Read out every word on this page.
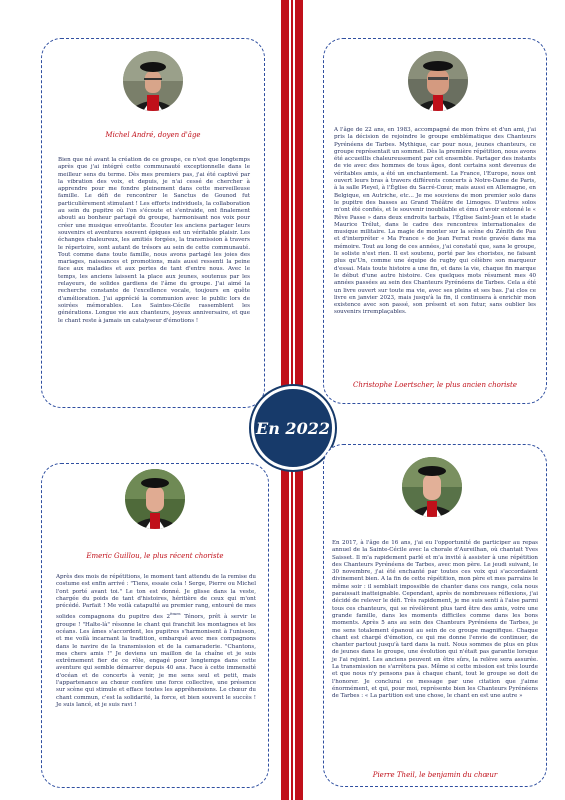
Michel André, doyen d'âge
Bien que né avant la création de ce groupe, ce n'est que longtemps après que j'ai intégré cette communauté exceptionnelle dans le meilleur sens du terme. Dès mes premiers pas, j'ai été captivé par la vibration des voix, et depuis, je n'ai cessé de chercher à apprendre pour me fondre pleinement dans cette merveilleuse famille. Le défi de rencontrer le Sanctus de Gounod fut particulièrement stimulant ! Les efforts individuels, la collaboration au sein du pupitre où l'on s'écoute et s'entraide, ont finalement abouti au bonheur partagé du groupe, harmonisant nos voix pour créer une musique envoûtante. Écouter les anciens partager leurs souvenirs et aventures souvent épiques est un véritable plaisir. Les échanges chaleureux, les amitiés forgées, la transmission à travers le répertoire, sont autant de trésors au sein de cette communauté. Tout comme dans toute famille, nous avons partagé les joies des mariages, naissances et promotions, mais aussi ressenti la peine face aux maladies et aux pertes de tant d'entre nous. Avec le temps, les anciens laissent la place aux jeunes, soutenus par les relayeurs, de solides gardiens de l'âme du groupe. J'ai aimé la recherche constante de l'excellence vocale, toujours en quête d'amélioration. J'ai apprécié la communion avec le public lors de soirées mémorables. Les Saintes-Cécile rassemblent les générations. Longue vie aux chanteurs, joyeux anniversaire, et que le chant reste à jamais un catalyseur d'émotions !
A l'âge de 22 ans, en 1983, accompagné de mon frère et d'un ami, j'ai pris la décision de rejoindre le groupe emblématique des Chanteurs Pyrénéens de Tarbes. Mythique, car pour nous, jeunes chanteurs, ce groupe représentait un sommet. Dès la première répétition, nous avons été accueillis chaleureusement par cet ensemble. Partager des instants de vie avec des hommes de tous âges, dont certains sont devenus de véritables amis, a été un enchantement. La France, l'Europe, nous ont ouvert leurs bras à travers différents concerts à Notre-Dame de Paris, à la salle Pleyel, à l'Église du Sacré-Cœur, mais aussi en Allemagne, en Belgique, en Autriche, etc... Je me souviens de mon premier solo dans le pupitre des basses au Grand Théâtre de Limoges. D'autres solos m'ont été confiés, et le souvenir inoubliable et ému d'avoir entonné le « Rêve Passe » dans deux endroits tarbais, l'Église Saint-Jean et le stade Maurice Trélut, dans le cadre des rencontres internationales de musique militaire. La magie de monter sur la scène du Zénith de Pau et d'interpréter « Ma France » de Jean Ferrat reste gravée dans ma mémoire. Tout au long de ces années, j'ai constaté que, sans le groupe, le soliste n'est rien. Il est soutenu, porté par les choristes, ne faisant plus qu'Un, comme une équipe de rugby qui célèbre son marqueur d'essai. Mais toute histoire a une fin, et dans la vie, chaque fin marque le début d'une autre histoire. Ces quelques mots résument mes 40 années passées au sein des Chanteurs Pyrénéens de Tarbes. Cela a été un livre ouvert sur toute ma vie, avec ses pleins et ses bas. J'ai clos ce livre en janvier 2023, mais jusqu'à la fin, il continuera à enrichir mon existence avec son passé, son présent et son futur, sans oublier les souvenirs irremplaçables.
Christophe Loertscher, le plus ancien choriste
En 2022
Emeric Guillou, le plus récent choriste
Après des mois de répétitions, le moment tant attendu de la remise du costume est enfin arrivé : "Tiens, essaie cela ! Serge, Pierre ou Michel l'ont porté avant toi." Le ton est donné. Je glisse dans la veste, chargée du poids de tant d'histoires, héritière de ceux qui m'ont précédé. Parfait ! Me voilà catapulté au premier rang, entouré de mes solides compagnons du pupitre des 2èmes Ténors, prêt à servir le groupe ! "Halte-là" résonne le chant qui franchit les montagnes et les océans. Les âmes s'accordent, les pupitres s'harmonisent à l'unisson, et me voilà incarnant la tradition, embarqué avec mes compagnons dans le navire de la transmission et de la camaraderie. "Chantons, mes chers amis !" Je deviens un maillon de la chaîne et je suis extrêmement fier de ce rôle, engagé pour longtemps dans cette aventure qui semble démarrer depuis 40 ans. Face à cette immensité d'océan et de concerts à venir, je me sens seul et petit, mais l'appartenance au chœur confère une force collective, une présence sur scène qui stimule et efface toutes les appréhensions. Le chœur du chant commun, c'est la solidarité, la force, et bien souvent le succès ! Je suis lancé, et je suis ravi !
En 2017, à l'âge de 16 ans, j'ai eu l'opportunité de participer au repas annuel de la Sainte-Cécile avec la chorale d'Aureilhan, où chantait Yves Saisset. Il m'a rapidement parlé et m'a invité à assister à une répétition des Chanteurs Pyrénéens de Tarbes, avec mon père. Le jeudi suivant, le 30 novembre, j'ai été enchanté par toutes ces voix qui s'accordaient divinement bien. A la fin de cette répétition, mon père et mes parrains le même soir : il semblait impossible de chanter dans ces rangs, cela nous paraissait inatteignable. Cependant, après de nombreuses réflexions, j'ai décidé de relever le défi. Très rapidement, je me suis senti à l'aise parmi tous ces chanteurs, qui se révélèrent plus tard être des amis, voire une grande famille, dans les moments difficiles comme dans les bons moments. Après 5 ans au sein des Chanteurs Pyrénéens de Tarbes, je me sens totalement épanoui au sein de ce groupe magnifique. Chaque chant est chargé d'émotion, ce qui me donne l'envie de continuer, de chanter partout jusqu'à tard dans la nuit. Nous sommes de plus en plus de jeunes dans le groupe, une évolution qui n'était pas garantie lorsque je l'ai rejoint. Les anciens peuvent en être sûrs, la relève sera assurée. La transmission ne s'arrêtera pas. Même si cette mission est très lourde et que nous n'y pensons pas à chaque chant, tout le groupe se doit de l'honorer. Je conclurai ce message par une citation que j'aime énormément, et qui, pour moi, représente bien les Chanteurs Pyrénéens de Tarbes : « La partition est une chose, le chant en est une autre »
Pierre Theil, le benjamin du chœur
